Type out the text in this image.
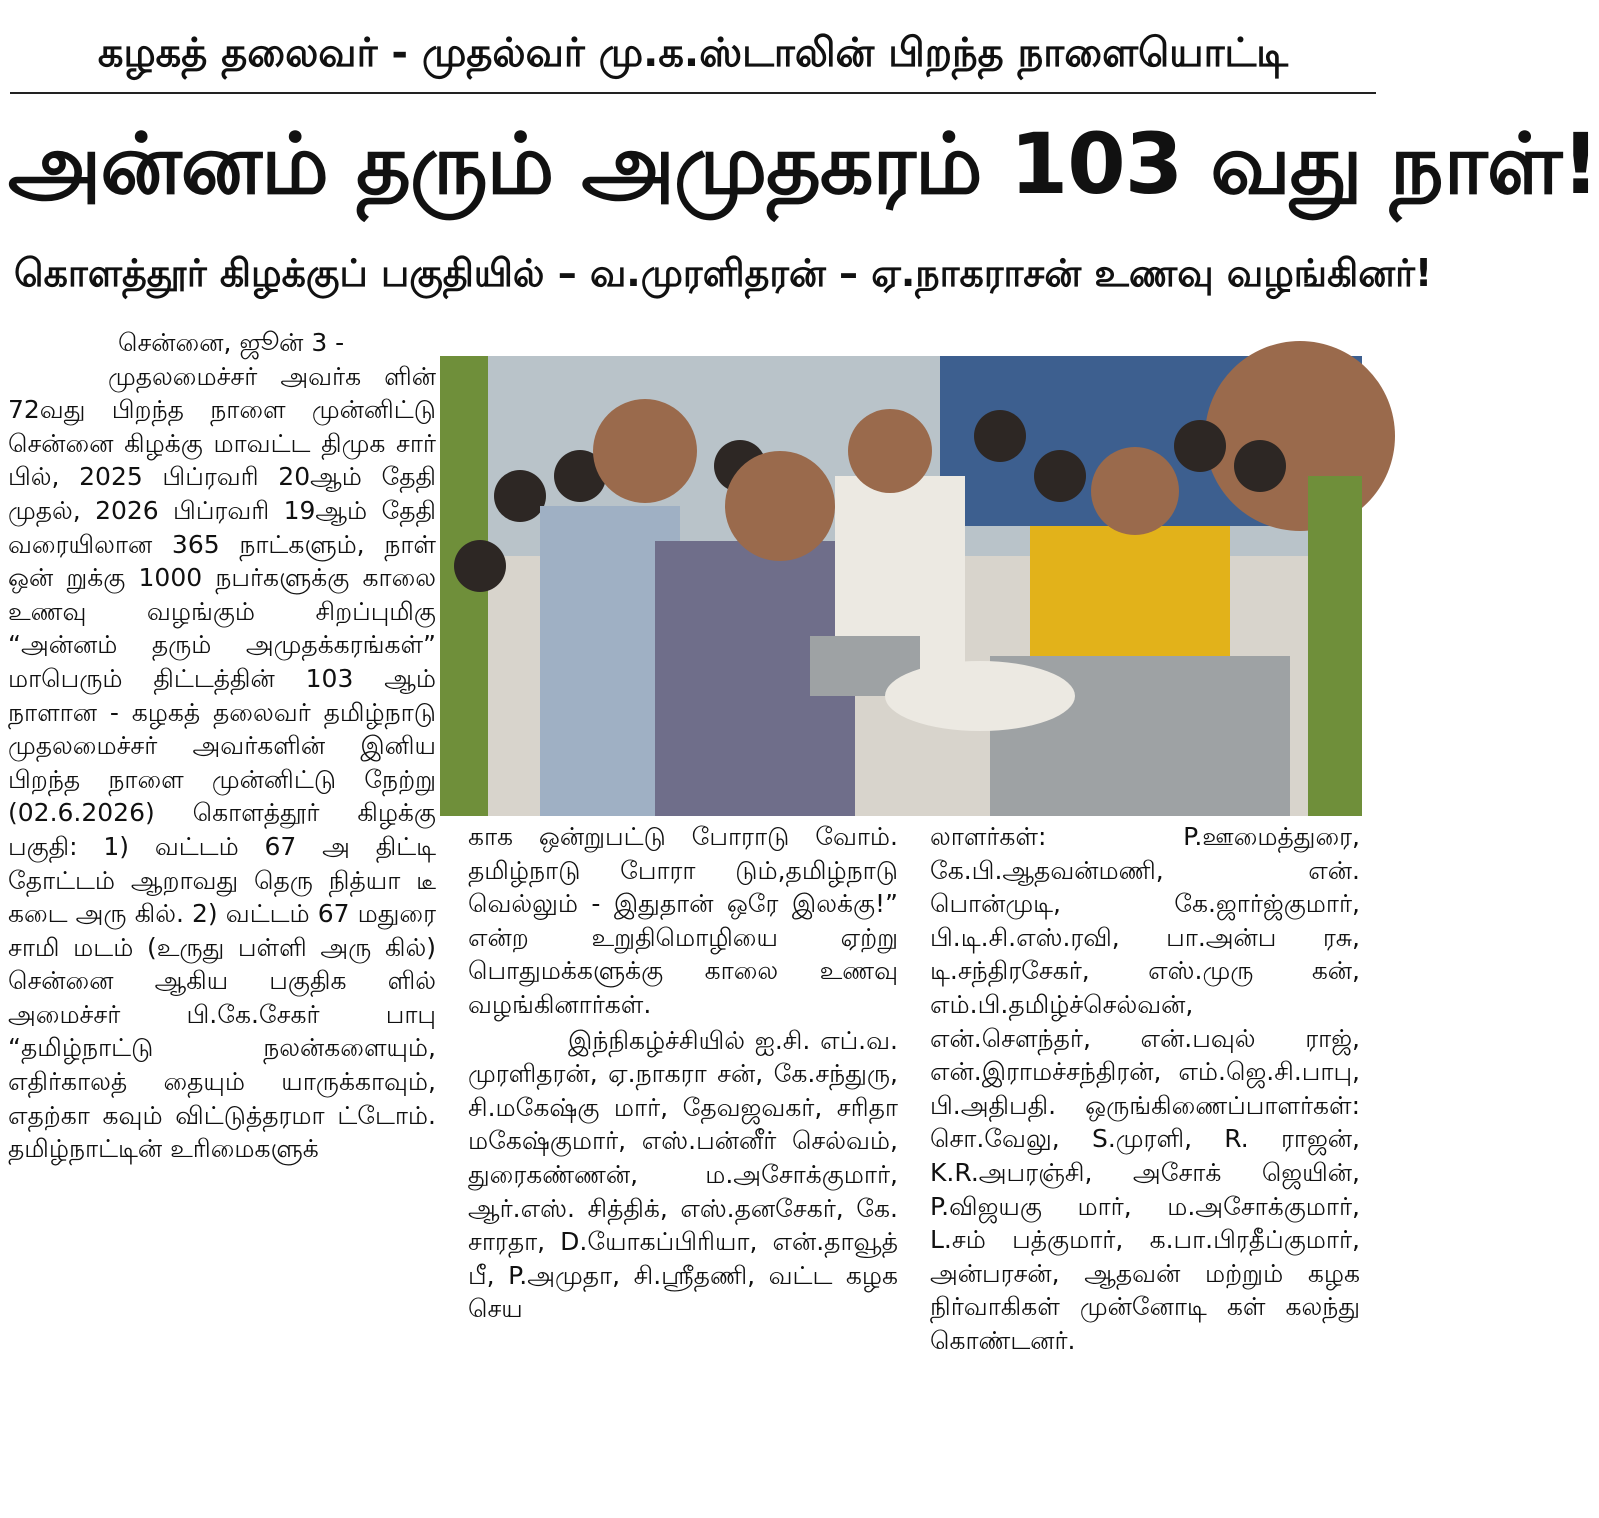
கழகத் தலைவர் - முதல்வர் மு.க.ஸ்டாலின் பிறந்த நாளையொட்டி
அன்னம் தரும் அமுதகரம் 103 வது நாள்!
கொளத்தூர் கிழக்குப் பகுதியில் – வ.முரளிதரன் – ஏ.நாகராசன் உணவு வழங்கினர்!

சென்னை, ஜூன் 3 -

முதலமைச்சர் அவர்க ளின் 72வது பிறந்த நாளை முன்னிட்டு சென்னை கிழக்கு மாவட்ட திமுக சார் பில், 2025 பிப்ரவரி 20ஆம் தேதி முதல், 2026 பிப்ரவரி 19ஆம் தேதி வரையிலான 365 நாட்களும், நாள் ஒன் றுக்கு 1000 நபர்களுக்கு காலை உணவு வழங்கும் சிறப்புமிகு “அன்னம் தரும் அமுதக்கரங்கள்” மாபெரும் திட்டத்தின் 103 ஆம் நாளான - கழகத் தலைவர் தமிழ்நாடு முதலமைச்சர் அவர்களின் இனிய பிறந்த நாளை முன்னிட்டு நேற்று (02.6.2026) கொளத்தூர் கிழக்கு பகுதி: 1) வட்டம் 67 அ திட்டி தோட்டம் ஆறாவது தெரு நித்யா டீ கடை அரு கில். 2) வட்டம் 67 மதுரை சாமி மடம் (உருது பள்ளி அரு கில்) சென்னை ஆகிய பகுதிக ளில் அமைச்சர் பி.கே.சேகர் பாபு “தமிழ்நாட்டு நலன்களையும், எதிர்காலத் தையும் யாருக்காவும், எதற்கா கவும் விட்டுத்தரமா ட்டோம். தமிழ்நாட்டின் உரிமைகளுக்

காக ஒன்றுபட்டு போராடு வோம். தமிழ்நாடு போரா டும்,தமிழ்நாடு வெல்லும் - இதுதான் ஒரே இலக்கு!” என்ற உறுதிமொழியை ஏற்று பொதுமக்களுக்கு காலை உணவு வழங்கினார்கள்.

இந்நிகழ்ச்சியில் ஐ.சி. எப்.வ. முரளிதரன், ஏ.நாகரா சன், கே.சந்துரு, சி.மகேஷ்கு மார், தேவஜவகர், சரிதா மகேஷ்குமார், எஸ்.பன்னீர் செல்வம், துரைகண்ணன், ம.அசோக்குமார், ஆர்.எஸ். சித்திக், எஸ்.தனசேகர், கே. சாரதா, D.யோகப்பிரியா, என்.தாவூத் பீ, P.அமுதா, சி.ஸ்ரீதணி, வட்ட கழக செய

லாளர்கள்: P.ஊமைத்துரை, கே.பி.ஆதவன்மணி, என். பொன்முடி, கே.ஜார்ஜ்குமார், பி.டி.சி.எஸ்.ரவி, பா.அன்ப ரசு, டி.சந்திரசேகர், எஸ்.முரு கன், எம்.பி.தமிழ்ச்செல்வன், என்.சௌந்தர், என்.பவுல் ராஜ், என்.இராமச்சந்திரன், எம்.ஜெ.சி.பாபு, பி.அதிபதி. ஒருங்கிணைப்பாளர்கள்: சொ.வேலு, S.முரளி, R. ராஜன், K.R.அபரஞ்சி, அசோக் ஜெயின், P.விஜயகு மார், ம.அசோக்குமார், L.சம் பத்குமார், க.பா.பிரதீப்குமார், அன்பரசன், ஆதவன் மற்றும் கழக நிர்வாகிகள் முன்னோடி கள் கலந்து கொண்டனர்.
